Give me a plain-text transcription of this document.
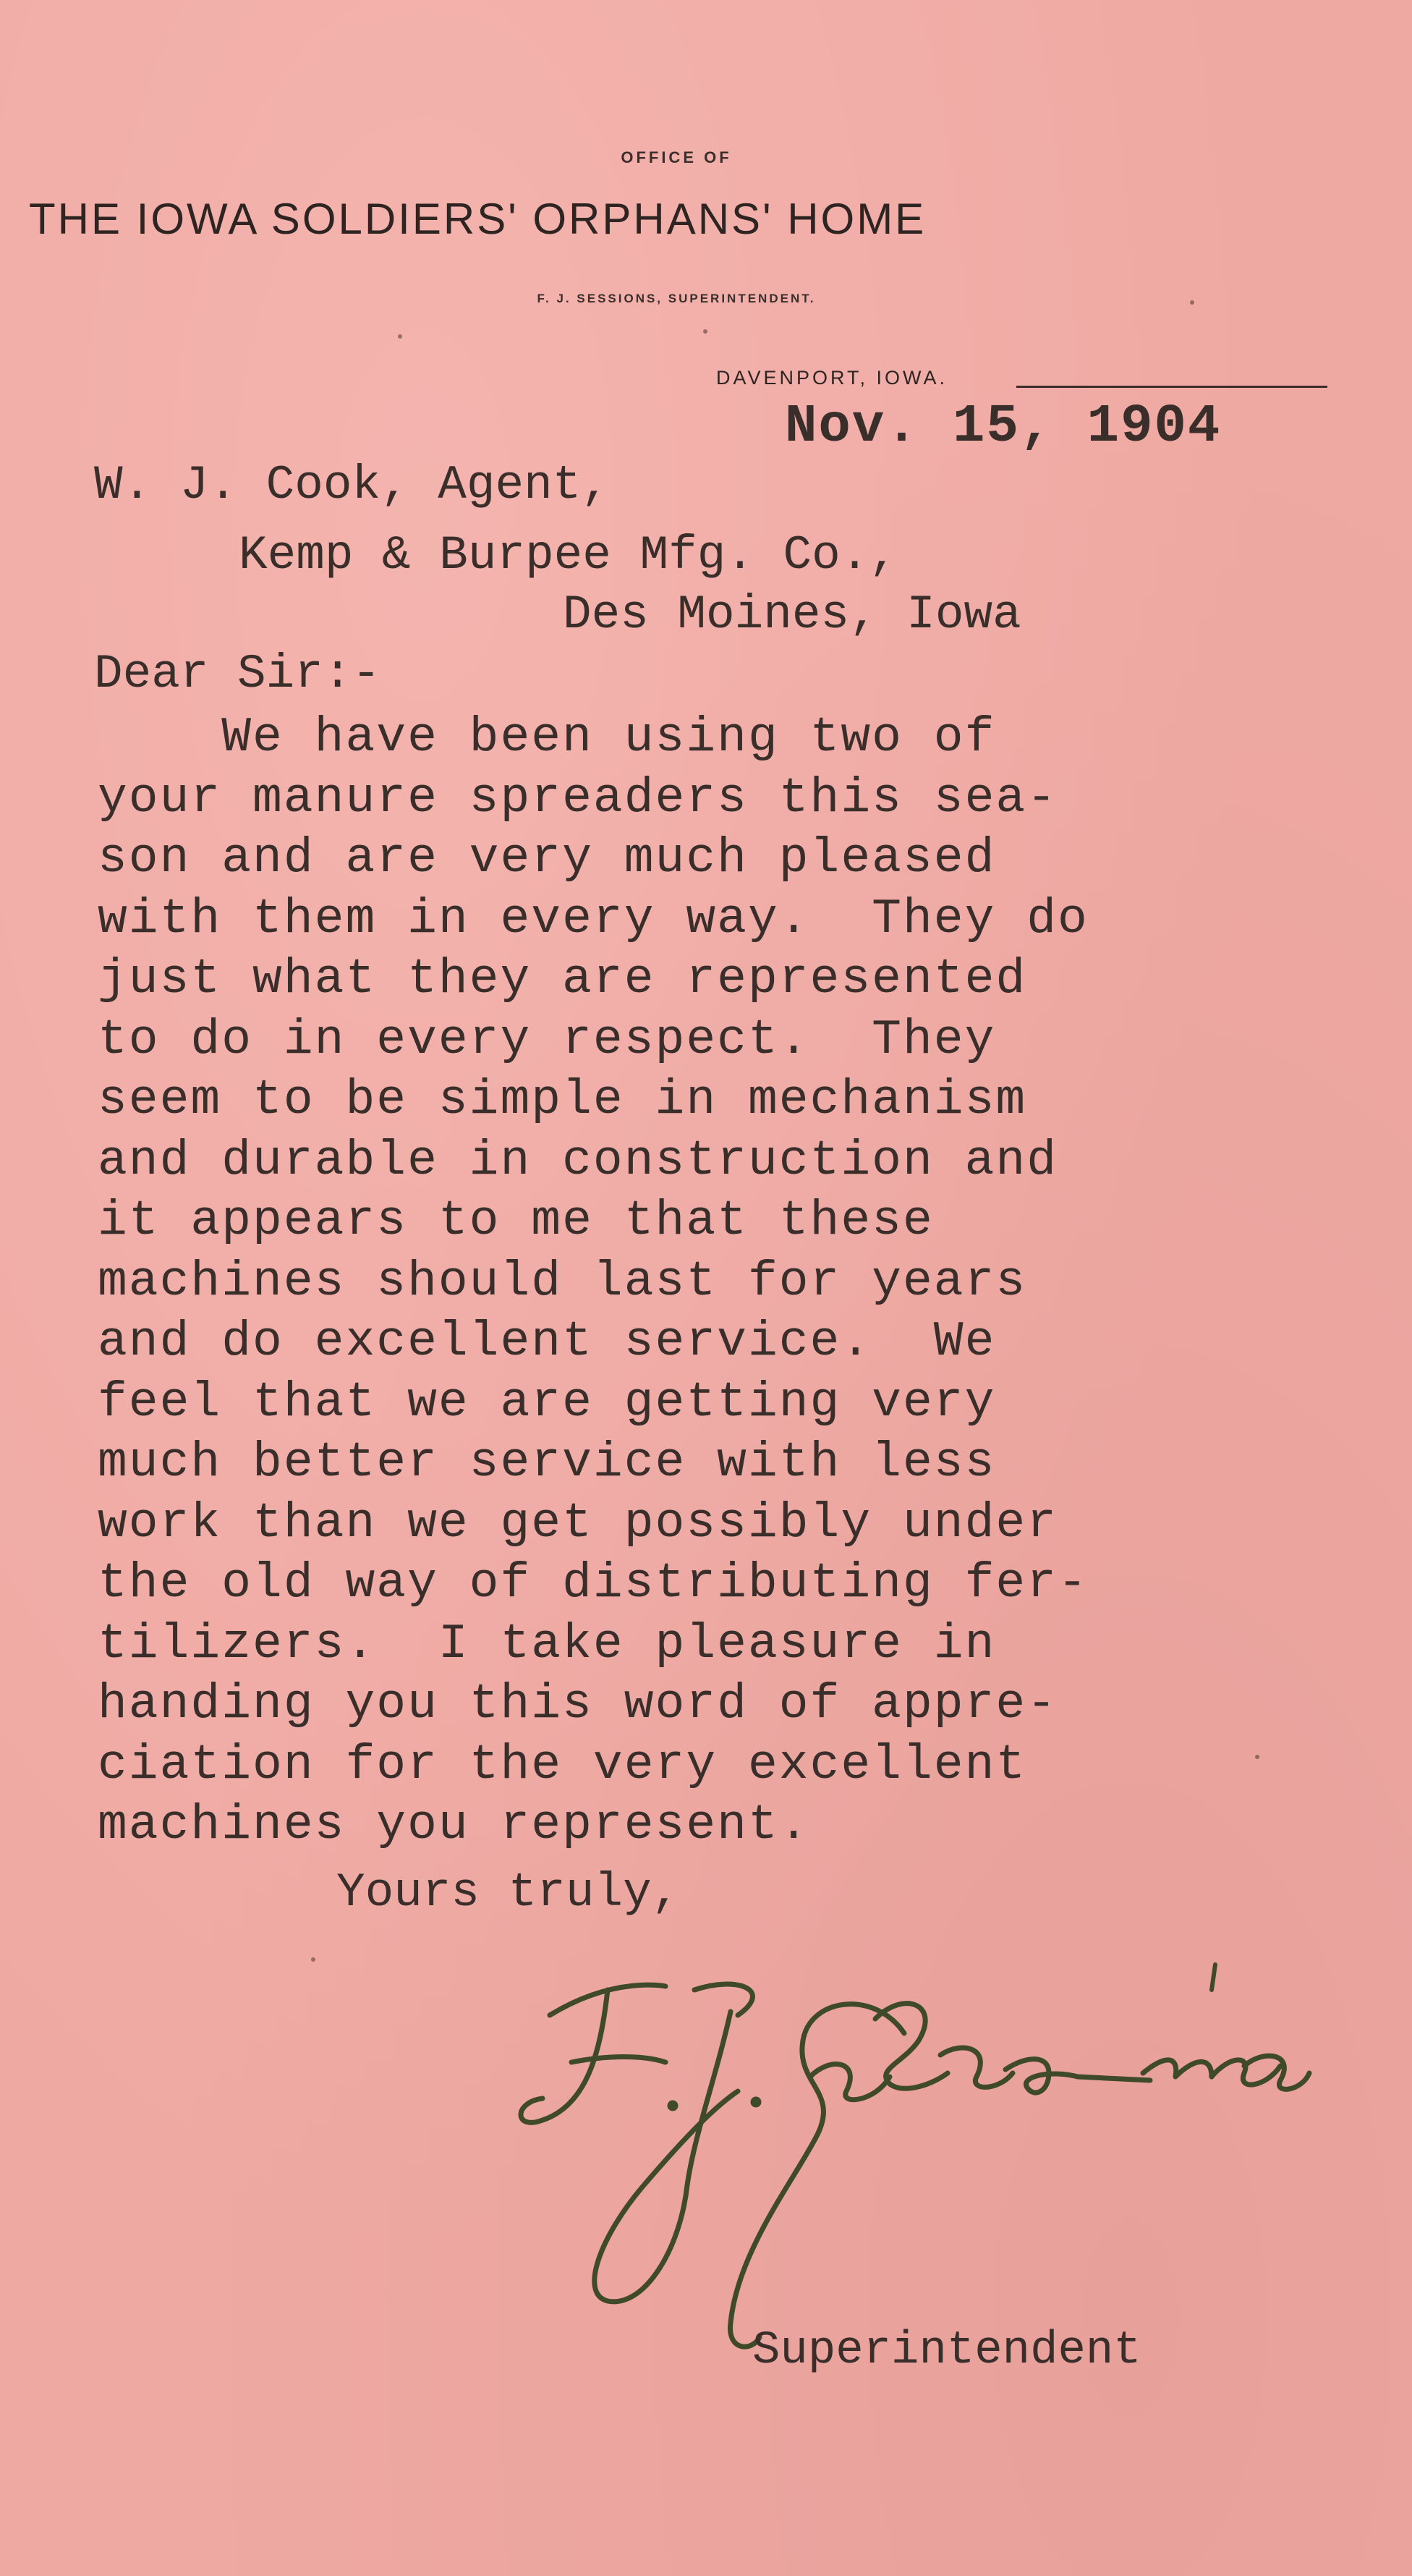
OFFICE OF
THE IOWA SOLDIERS' ORPHANS' HOME
F. J. SESSIONS, SUPERINTENDENT.
DAVENPORT, IOWA.
Nov. 15, 1904
W. J. Cook, Agent,
Kemp & Burpee Mfg. Co.,
Des Moines, Iowa
Dear Sir:-
We have been using two of
your manure spreaders this sea-
son and are very much pleased
with them in every way.  They do
just what they are represented
to do in every respect.  They
seem to be simple in mechanism
and durable in construction and
it appears to me that these
machines should last for years
and do excellent service.  We
feel that we are getting very
much better service with less
work than we get possibly under
the old way of distributing fer-
tilizers.  I take pleasure in
handing you this word of appre-
ciation for the very excellent
machines you represent.
Yours truly,
Superintendent
